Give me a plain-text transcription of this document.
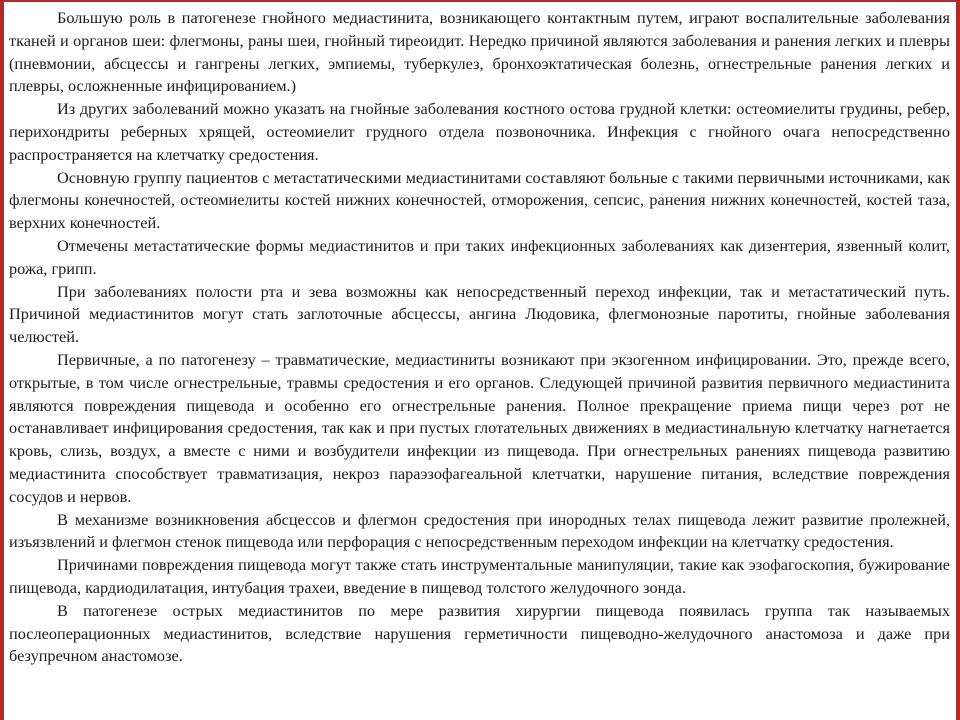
Большую роль в патогенезе гнойного медиастинита, возникающего контактным путем, играют воспалительные заболевания тканей и органов шеи: флегмоны, раны шеи, гнойный тиреоидит. Нередко причиной являются заболевания и ранения легких и плевры (пневмонии, абсцессы и гангрены легких, эмпиемы, туберкулез, бронхоэктатическая болезнь, огнестрельные ранения легких и плевры, осложненные инфицированием.)

Из других заболеваний можно указать на гнойные заболевания костного остова грудной клетки: остеомиелиты грудины, ребер, перихондриты реберных хрящей, остеомиелит грудного отдела позвоночника. Инфекция с гнойного очага непосредственно распространяется на клетчатку средостения.

Основную группу пациентов с метастатическими медиастинитами составляют больные с такими первичными источниками, как флегмоны конечностей, остеомиелиты костей нижних конечностей, отморожения, сепсис, ранения нижних конечностей, костей таза, верхних конечностей.

Отмечены метастатические формы медиастинитов и при таких инфекционных заболеваниях как дизентерия, язвенный колит, рожа, грипп.

При заболеваниях полости рта и зева возможны как непосредственный переход инфекции, так и метастатический путь. Причиной медиастинитов могут стать заглоточные абсцессы, ангина Людовика, флегмонозные паротиты, гнойные заболевания челюстей.

Первичные, а по патогенезу – травматические, медиастиниты возникают при экзогенном инфицировании. Это, прежде всего, открытые, в том числе огнестрельные, травмы средостения и его органов. Следующей причиной развития первичного медиастинита являются повреждения пищевода и особенно его огнестрельные ранения. Полное прекращение приема пищи через рот не останавливает инфицирования средостения, так как и при пустых глотательных движениях в медиастинальную клетчатку нагнетается кровь, слизь, воздух, а вместе с ними и возбудители инфекции из пищевода. При огнестрельных ранениях пищевода развитию медиастинита способствует травматизация, некроз параэзофагеальной клетчатки, нарушение питания, вследствие повреждения сосудов и нервов.

В механизме возникновения абсцессов и флегмон средостения при инородных телах пищевода лежит развитие пролежней, изъязвлений и флегмон стенок пищевода или перфорация с непосредственным переходом инфекции на клетчатку средостения.

Причинами повреждения пищевода могут также стать инструментальные манипуляции, такие как эзофагоскопия, бужирование пищевода, кардиодилатация, интубация трахеи, введение в пищевод толстого желудочного зонда.

В патогенезе острых медиастинитов по мере развития хирургии пищевода появилась группа так называемых послеоперационных медиастинитов, вследствие нарушения герметичности пищеводно-желудочного анастомоза и даже при безупречном анастомозе.
